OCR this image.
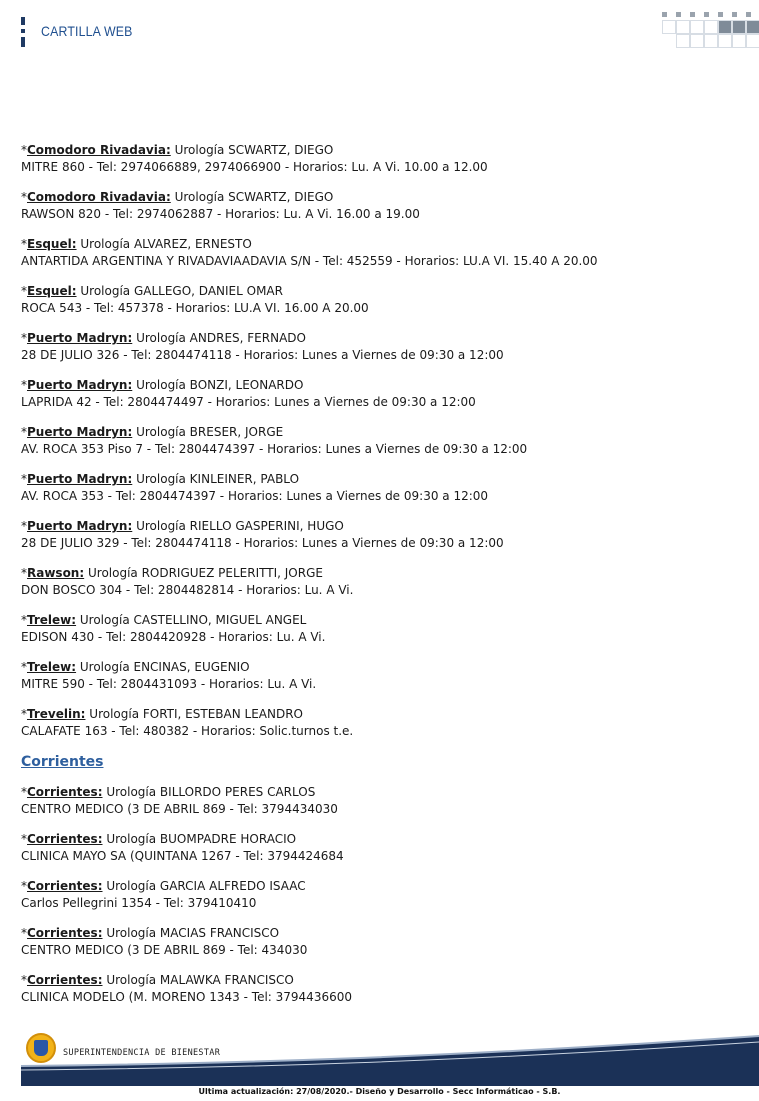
CARTILLA WEB
*Comodoro Rivadavia: Urología SCWARTZ, DIEGO
MITRE 860 - Tel: 2974066889, 2974066900 - Horarios: Lu. A Vi. 10.00 a 12.00
*Comodoro Rivadavia: Urología SCWARTZ, DIEGO
RAWSON 820 - Tel: 2974062887 - Horarios: Lu. A Vi. 16.00 a 19.00
*Esquel: Urología ALVAREZ, ERNESTO
ANTARTIDA ARGENTINA Y RIVADAVIAADAVIA S/N - Tel: 452559 - Horarios: LU.A VI. 15.40 A 20.00
*Esquel: Urología GALLEGO, DANIEL OMAR
ROCA 543 - Tel: 457378 - Horarios: LU.A VI. 16.00 A 20.00
*Puerto Madryn: Urología ANDRES, FERNADO
28 DE JULIO 326 - Tel: 2804474118 - Horarios: Lunes a Viernes de 09:30 a 12:00
*Puerto Madryn: Urología BONZI, LEONARDO
LAPRIDA 42 - Tel: 2804474497 - Horarios: Lunes a Viernes de 09:30 a 12:00
*Puerto Madryn: Urología BRESER, JORGE
AV. ROCA 353 Piso 7 - Tel: 2804474397 - Horarios: Lunes a Viernes de 09:30 a 12:00
*Puerto Madryn: Urología KINLEINER, PABLO
AV. ROCA 353 - Tel: 2804474397 - Horarios: Lunes a Viernes de 09:30 a 12:00
*Puerto Madryn: Urología RIELLO GASPERINI, HUGO
28 DE JULIO 329 - Tel: 2804474118 - Horarios: Lunes a Viernes de 09:30 a 12:00
*Rawson: Urología RODRIGUEZ PELERITTI, JORGE
DON BOSCO 304 - Tel: 2804482814 - Horarios: Lu. A Vi.
*Trelew: Urología CASTELLINO, MIGUEL ANGEL
EDISON 430 - Tel: 2804420928 - Horarios: Lu. A Vi.
*Trelew: Urología ENCINAS, EUGENIO
MITRE 590 - Tel: 2804431093 - Horarios: Lu. A Vi.
*Trevelin: Urología FORTI, ESTEBAN LEANDRO
CALAFATE 163 - Tel: 480382 - Horarios: Solic.turnos t.e.
Corrientes
*Corrientes: Urología BILLORDO PERES CARLOS
CENTRO MEDICO (3 DE ABRIL 869 - Tel: 3794434030
*Corrientes: Urología BUOMPADRE HORACIO
CLINICA MAYO SA (QUINTANA 1267 - Tel: 3794424684
*Corrientes: Urología GARCIA ALFREDO ISAAC
Carlos Pellegrini 1354 - Tel: 379410410
*Corrientes: Urología MACIAS FRANCISCO
CENTRO MEDICO (3 DE ABRIL 869 - Tel: 434030
*Corrientes: Urología MALAWKA FRANCISCO
CLINICA MODELO (M. MORENO 1343 - Tel: 3794436600
SUPERINTENDENCIA DE BIENESTAR
Ultima actualización: 27/08/2020.- Diseño y Desarrollo - Secc Informáticao - S.B.
